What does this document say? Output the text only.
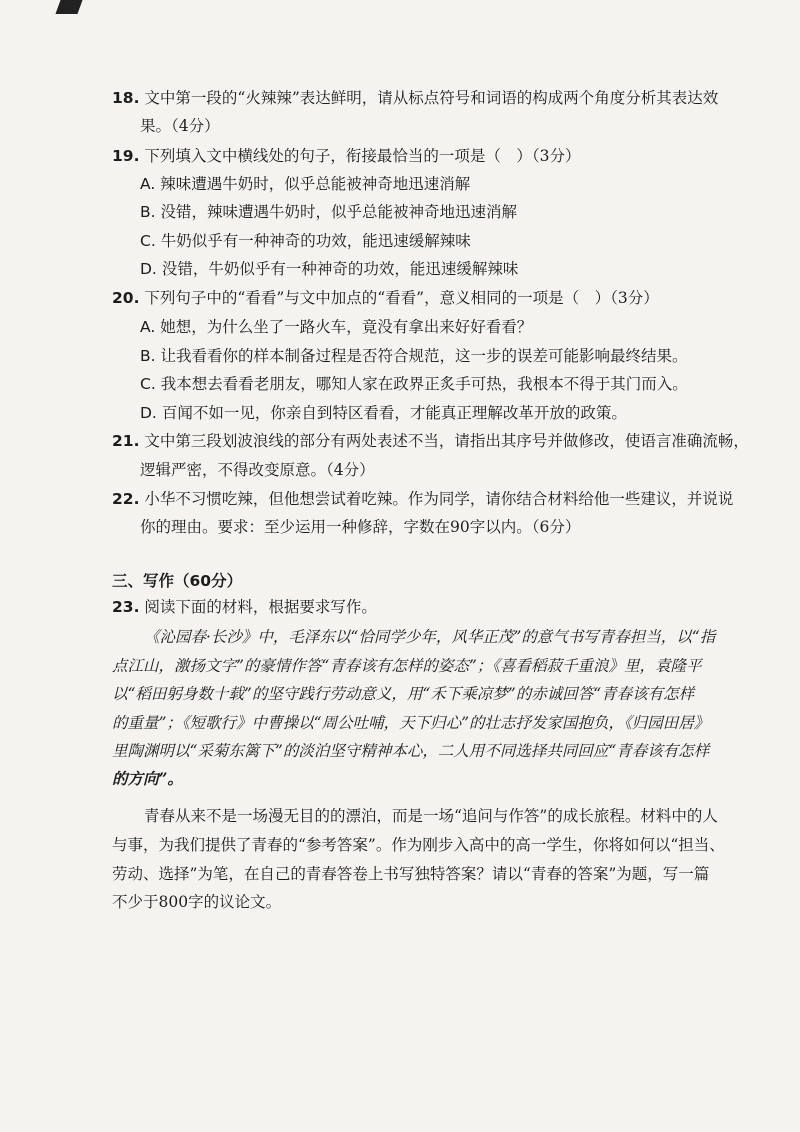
18. 文中第一段的“火辣辣”表达鲜明，请从标点符号和词语的构成两个角度分析其表达效
果。（4分）
19. 下列填入文中横线处的句子，衔接最恰当的一项是（　）（3分）
A. 辣味遭遇牛奶时，似乎总能被神奇地迅速消解
B. 没错，辣味遭遇牛奶时，似乎总能被神奇地迅速消解
C. 牛奶似乎有一种神奇的功效，能迅速缓解辣味
D. 没错，牛奶似乎有一种神奇的功效，能迅速缓解辣味
20. 下列句子中的“看看”与文中加点的“看看”，意义相同的一项是（　）（3分）
A. 她想，为什么坐了一路火车，竟没有拿出来好好看看？
B. 让我看看你的样本制备过程是否符合规范，这一步的误差可能影响最终结果。
C. 我本想去看看老朋友，哪知人家在政界正炙手可热，我根本不得于其门而入。
D. 百闻不如一见，你亲自到特区看看，才能真正理解改革开放的政策。
21. 文中第三段划波浪线的部分有两处表述不当，请指出其序号并做修改，使语言准确流畅，
逻辑严密，不得改变原意。（4分）
22. 小华不习惯吃辣，但他想尝试着吃辣。作为同学，请你结合材料给他一些建议，并说说
你的理由。要求：至少运用一种修辞，字数在90字以内。（6分）
三、写作（60分）
23. 阅读下面的材料，根据要求写作。
《沁园春·长沙》中，毛泽东以“恰同学少年，风华正茂”的意气书写青春担当，以“指
点江山，激扬文字”的豪情作答“青春该有怎样的姿态”；《喜看稻菽千重浪》里，袁隆平
以“稻田躬身数十载”的坚守践行劳动意义，用“禾下乘凉梦”的赤诚回答“青春该有怎样
的重量”；《短歌行》中曹操以“周公吐哺，天下归心”的壮志抒发家国抱负，《归园田居》
里陶渊明以“采菊东篱下”的淡泊坚守精神本心，二人用不同选择共同回应“青春该有怎样
的方向”。
青春从来不是一场漫无目的的漂泊，而是一场“追问与作答”的成长旅程。材料中的人
与事，为我们提供了青春的“参考答案”。作为刚步入高中的高一学生，你将如何以“担当、
劳动、选择”为笔，在自己的青春答卷上书写独特答案？请以“青春的答案”为题，写一篇
不少于800字的议论文。
